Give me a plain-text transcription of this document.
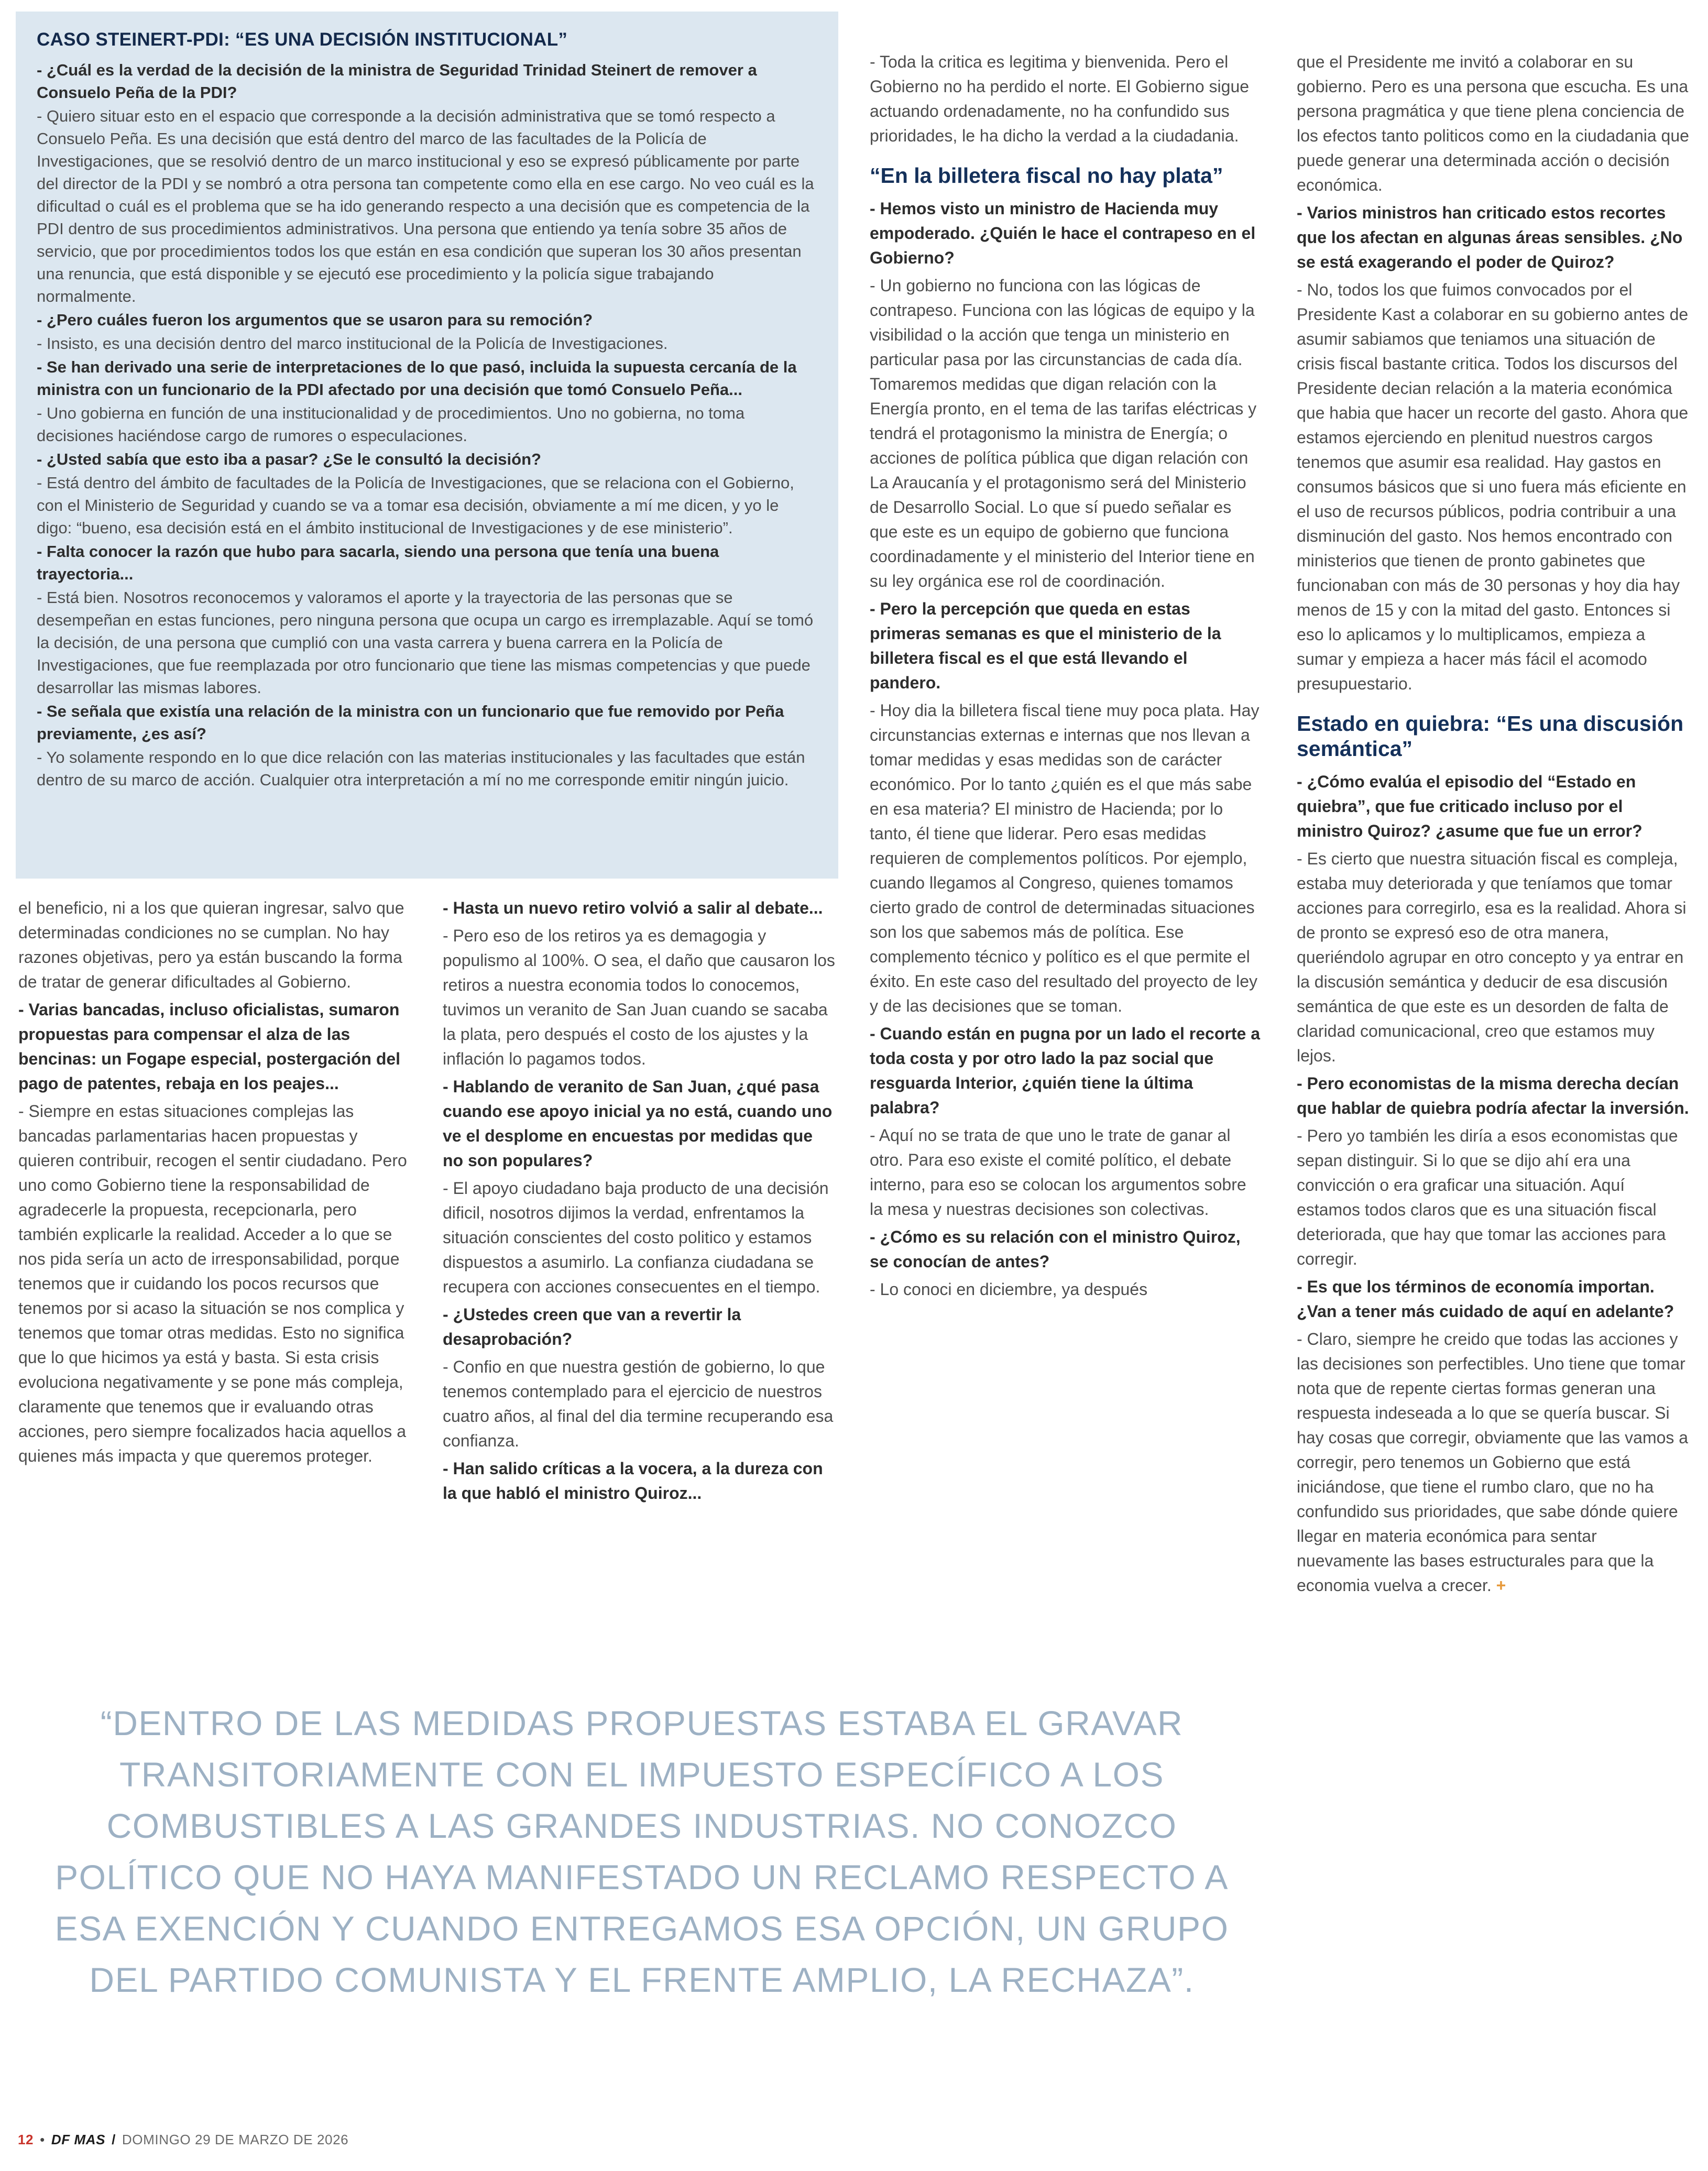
CASO STEINERT-PDI: “ES UNA DECISIÓN INSTITUCIONAL”

- ¿Cuál es la verdad de la decisión de la ministra de Seguridad Trinidad Steinert de remover a Consuelo Peña de la PDI?

- Quiero situar esto en el espacio que corresponde a la decisión administrativa que se tomó respecto a Consuelo Peña. Es una decisión que está dentro del marco de las facultades de la Policía de Investigaciones, que se resolvió dentro de un marco institucional y eso se expresó públicamente por parte del director de la PDI y se nombró a otra persona tan competente como ella en ese cargo. No veo cuál es la dificultad o cuál es el problema que se ha ido generando respecto a una decisión que es competencia de la PDI dentro de sus procedimientos administrativos. Una persona que entiendo ya tenía sobre 35 años de servicio, que por procedimientos todos los que están en esa condición que superan los 30 años presentan una renuncia, que está disponible y se ejecutó ese procedimiento y la policía sigue trabajando normalmente.

- ¿Pero cuáles fueron los argumentos que se usaron para su remoción?

- Insisto, es una decisión dentro del marco institucional de la Policía de Investigaciones.

- Se han derivado una serie de interpretaciones de lo que pasó, incluida la supuesta cercanía de la ministra con un funcionario de la PDI afectado por una decisión que tomó Consuelo Peña...

- Uno gobierna en función de una institucionalidad y de procedimientos. Uno no gobierna, no toma decisiones haciéndose cargo de rumores o especulaciones.

- ¿Usted sabía que esto iba a pasar? ¿Se le consultó la decisión?

- Está dentro del ámbito de facultades de la Policía de Investigaciones, que se relaciona con el Gobierno, con el Ministerio de Seguridad y cuando se va a tomar esa decisión, obviamente a mí me dicen, y yo le digo: “bueno, esa decisión está en el ámbito institucional de Investigaciones y de ese ministerio”.

- Falta conocer la razón que hubo para sacarla, siendo una persona que tenía una buena trayectoria...

- Está bien. Nosotros reconocemos y valoramos el aporte y la trayectoria de las personas que se desempeñan en estas funciones, pero ninguna persona que ocupa un cargo es irremplazable. Aquí se tomó la decisión, de una persona que cumplió con una vasta carrera y buena carrera en la Policía de Investigaciones, que fue reemplazada por otro funcionario que tiene las mismas competencias y que puede desarrollar las mismas labores.

- Se señala que existía una relación de la ministra con un funcionario que fue removido por Peña previamente, ¿es así?

- Yo solamente respondo en lo que dice relación con las materias institucionales y las facultades que están dentro de su marco de acción. Cualquier otra interpretación a mí no me corresponde emitir ningún juicio.

el beneficio, ni a los que quieran ingresar, salvo que determinadas condiciones no se cumplan. No hay razones objetivas, pero ya están buscando la forma de tratar de generar dificultades al Gobierno.

- Varias bancadas, incluso oficialistas, sumaron propuestas para compensar el alza de las bencinas: un Fogape especial, postergación del pago de patentes, rebaja en los peajes...

- Siempre en estas situaciones complejas las bancadas parlamentarias hacen propuestas y quieren contribuir, recogen el sentir ciudadano. Pero uno como Gobierno tiene la responsabilidad de agradecerle la propuesta, recepcionarla, pero también explicarle la realidad. Acceder a lo que se nos pida sería un acto de irresponsabilidad, porque tenemos que ir cuidando los pocos recursos que tenemos por si acaso la situación se nos complica y tenemos que tomar otras medidas. Esto no significa que lo que hicimos ya está y basta. Si esta crisis evoluciona negativamente y se pone más compleja, claramente que tenemos que ir evaluando otras acciones, pero siempre focalizados hacia aquellos a quienes más impacta y que queremos proteger.

- Hasta un nuevo retiro volvió a salir al debate...

- Pero eso de los retiros ya es demagogia y populismo al 100%. O sea, el daño que causaron los retiros a nuestra economia todos lo conocemos, tuvimos un veranito de San Juan cuando se sacaba la plata, pero después el costo de los ajustes y la inflación lo pagamos todos.

- Hablando de veranito de San Juan, ¿qué pasa cuando ese apoyo inicial ya no está, cuando uno ve el desplome en encuestas por medidas que no son populares?

- El apoyo ciudadano baja producto de una decisión dificil, nosotros dijimos la verdad, enfrentamos la situación conscientes del costo politico y estamos dispuestos a asumirlo. La confianza ciudadana se recupera con acciones consecuentes en el tiempo.

- ¿Ustedes creen que van a revertir la desaprobación?

- Confio en que nuestra gestión de gobierno, lo que tenemos contemplado para el ejercicio de nuestros cuatro años, al final del dia termine recuperando esa confianza.

- Han salido críticas a la vocera, a la dureza con la que habló el ministro Quiroz...

- Toda la critica es legitima y bienvenida. Pero el Gobierno no ha perdido el norte. El Gobierno sigue actuando ordenadamente, no ha confundido sus prioridades, le ha dicho la verdad a la ciudadania.

“En la billetera fiscal no hay plata”

- Hemos visto un ministro de Hacienda muy empoderado. ¿Quién le hace el contrapeso en el Gobierno?

- Un gobierno no funciona con las lógicas de contrapeso. Funciona con las lógicas de equipo y la visibilidad o la acción que tenga un ministerio en particular pasa por las circunstancias de cada día. Tomaremos medidas que digan relación con la Energía pronto, en el tema de las tarifas eléctricas y tendrá el protagonismo la ministra de Energía; o acciones de política pública que digan relación con La Araucanía y el protagonismo será del Ministerio de Desarrollo Social. Lo que sí puedo señalar es que este es un equipo de gobierno que funciona coordinadamente y el ministerio del Interior tiene en su ley orgánica ese rol de coordinación.

- Pero la percepción que queda en estas primeras semanas es que el ministerio de la billetera fiscal es el que está llevando el pandero.

- Hoy dia la billetera fiscal tiene muy poca plata. Hay circunstancias externas e internas que nos llevan a tomar medidas y esas medidas son de carácter económico. Por lo tanto ¿quién es el que más sabe en esa materia? El ministro de Hacienda; por lo tanto, él tiene que liderar. Pero esas medidas requieren de complementos políticos. Por ejemplo, cuando llegamos al Congreso, quienes tomamos cierto grado de control de determinadas situaciones son los que sabemos más de política. Ese complemento técnico y político es el que permite el éxito. En este caso del resultado del proyecto de ley y de las decisiones que se toman.

- Cuando están en pugna por un lado el recorte a toda costa y por otro lado la paz social que resguarda Interior, ¿quién tiene la última palabra?

- Aquí no se trata de que uno le trate de ganar al otro. Para eso existe el comité político, el debate interno, para eso se colocan los argumentos sobre la mesa y nuestras decisiones son colectivas.

- ¿Cómo es su relación con el ministro Quiroz, se conocían de antes?

- Lo conoci en diciembre, ya después

que el Presidente me invitó a colaborar en su gobierno. Pero es una persona que escucha. Es una persona pragmática y que tiene plena conciencia de los efectos tanto politicos como en la ciudadania que puede generar una determinada acción o decisión económica.

- Varios ministros han criticado estos recortes que los afectan en algunas áreas sensibles. ¿No se está exagerando el poder de Quiroz?

- No, todos los que fuimos convocados por el Presidente Kast a colaborar en su gobierno antes de asumir sabiamos que teniamos una situación de crisis fiscal bastante critica. Todos los discursos del Presidente decian relación a la materia económica que habia que hacer un recorte del gasto. Ahora que estamos ejerciendo en plenitud nuestros cargos tenemos que asumir esa realidad. Hay gastos en consumos básicos que si uno fuera más eficiente en el uso de recursos públicos, podria contribuir a una disminución del gasto. Nos hemos encontrado con ministerios que tienen de pronto gabinetes que funcionaban con más de 30 personas y hoy dia hay menos de 15 y con la mitad del gasto. Entonces si eso lo aplicamos y lo multiplicamos, empieza a sumar y empieza a hacer más fácil el acomodo presupuestario.

Estado en quiebra: “Es una discusión semántica”

- ¿Cómo evalúa el episodio del “Estado en quiebra”, que fue criticado incluso por el ministro Quiroz? ¿asume que fue un error?

- Es cierto que nuestra situación fiscal es compleja, estaba muy deteriorada y que teníamos que tomar acciones para corregirlo, esa es la realidad. Ahora si de pronto se expresó eso de otra manera, queriéndolo agrupar en otro concepto y ya entrar en la discusión semántica y deducir de esa discusión semántica de que este es un desorden de falta de claridad comunicacional, creo que estamos muy lejos.

- Pero economistas de la misma derecha decían que hablar de quiebra podría afectar la inversión.

- Pero yo también les diría a esos economistas que sepan distinguir. Si lo que se dijo ahí era una convicción o era graficar una situación. Aquí estamos todos claros que es una situación fiscal deteriorada, que hay que tomar las acciones para corregir.

- Es que los términos de economía importan. ¿Van a tener más cuidado de aquí en adelante?

- Claro, siempre he creido que todas las acciones y las decisiones son perfectibles. Uno tiene que tomar nota que de repente ciertas formas generan una respuesta indeseada a lo que se quería buscar. Si hay cosas que corregir, obviamente que las vamos a corregir, pero tenemos un Gobierno que está iniciándose, que tiene el rumbo claro, que no ha confundido sus prioridades, que sabe dónde quiere llegar en materia económica para sentar nuevamente las bases estructurales para que la economia vuelva a crecer. +

“DENTRO DE LAS MEDIDAS PROPUESTAS ESTABA EL GRAVAR TRANSITORIAMENTE CON EL IMPUESTO ESPECÍFICO A LOS COMBUSTIBLES A LAS GRANDES INDUSTRIAS. NO CONOZCO POLÍTICO QUE NO HAYA MANIFESTADO UN RECLAMO RESPECTO A ESA EXENCIÓN Y CUANDO ENTREGAMOS ESA OPCIÓN, UN GRUPO DEL PARTIDO COMUNISTA Y EL FRENTE AMPLIO, LA RECHAZA”.
12 • DF MAS / DOMINGO 29 DE MARZO DE 2026
